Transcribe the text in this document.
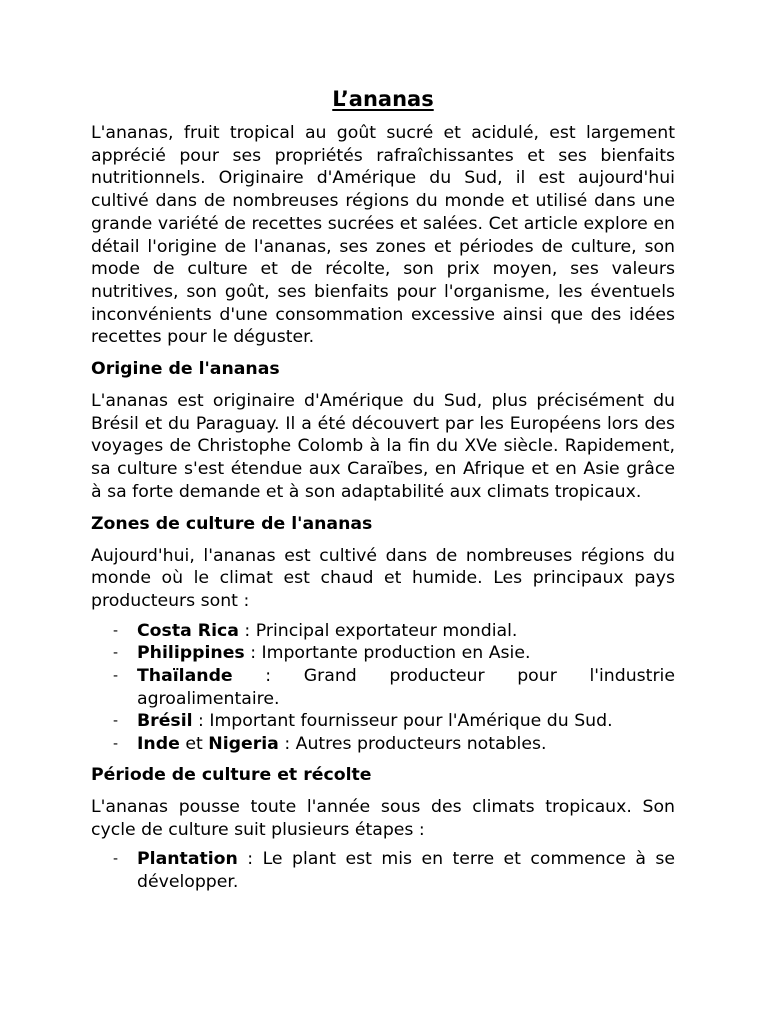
L’ananas

L'ananas, fruit tropical au goût sucré et acidulé, est largement apprécié pour ses propriétés rafraîchissantes et ses bienfaits nutritionnels. Originaire d'Amérique du Sud, il est aujourd'hui cultivé dans de nombreuses régions du monde et utilisé dans une grande variété de recettes sucrées et salées. Cet article explore en détail l'origine de l'ananas, ses zones et périodes de culture, son mode de culture et de récolte, son prix moyen, ses valeurs nutritives, son goût, ses bienfaits pour l'organisme, les éventuels inconvénients d'une consommation excessive ainsi que des idées recettes pour le déguster.

Origine de l'ananas

L'ananas est originaire d'Amérique du Sud, plus précisément du Brésil et du Paraguay. Il a été découvert par les Européens lors des voyages de Christophe Colomb à la fin du XVe siècle. Rapidement, sa culture s'est étendue aux Caraïbes, en Afrique et en Asie grâce à sa forte demande et à son adaptabilité aux climats tropicaux.

Zones de culture de l'ananas

Aujourd'hui, l'ananas est cultivé dans de nombreuses régions du monde où le climat est chaud et humide. Les principaux pays producteurs sont :

- Costa Rica : Principal exportateur mondial.
- Philippines : Importante production en Asie.
- Thaïlande : Grand producteur pour l'industrie agroalimentaire.
- Brésil : Important fournisseur pour l'Amérique du Sud.
- Inde et Nigeria : Autres producteurs notables.
Période de culture et récolte

L'ananas pousse toute l'année sous des climats tropicaux. Son cycle de culture suit plusieurs étapes :

- Plantation : Le plant est mis en terre et commence à se développer.
